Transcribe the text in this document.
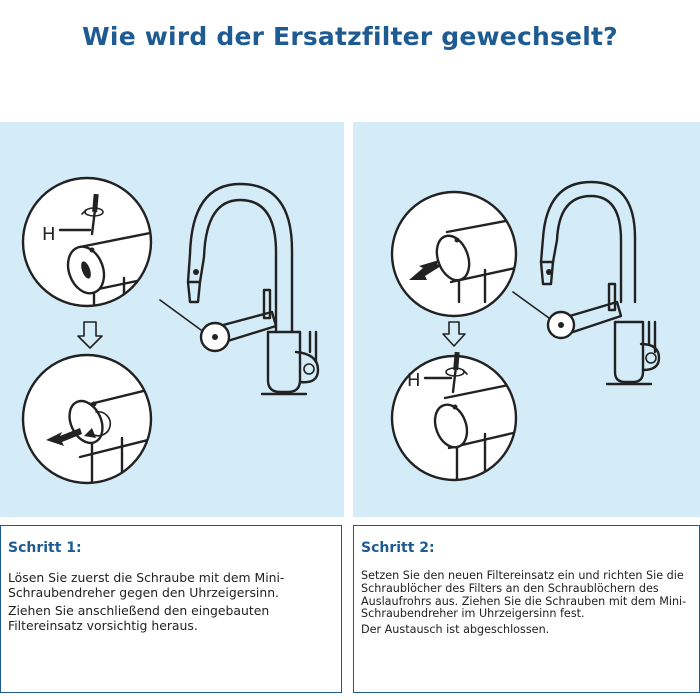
Wie wird der Ersatzfilter gewechselt?
H
H
Schritt 1:

Lösen Sie zuerst die Schraube mit dem Mini-Schraubendreher gegen den Uhrzeigersinn.

Ziehen Sie anschließend den eingebauten Filtereinsatz vorsichtig heraus.

Schritt 2:

Setzen Sie den neuen Filtereinsatz ein und richten Sie die Schraublöcher des Filters an den Schraublöchern des Auslaufrohrs aus. Ziehen Sie die Schrauben mit dem Mini-Schraubendreher im Uhrzeigersinn fest.

Der Austausch ist abgeschlossen.
